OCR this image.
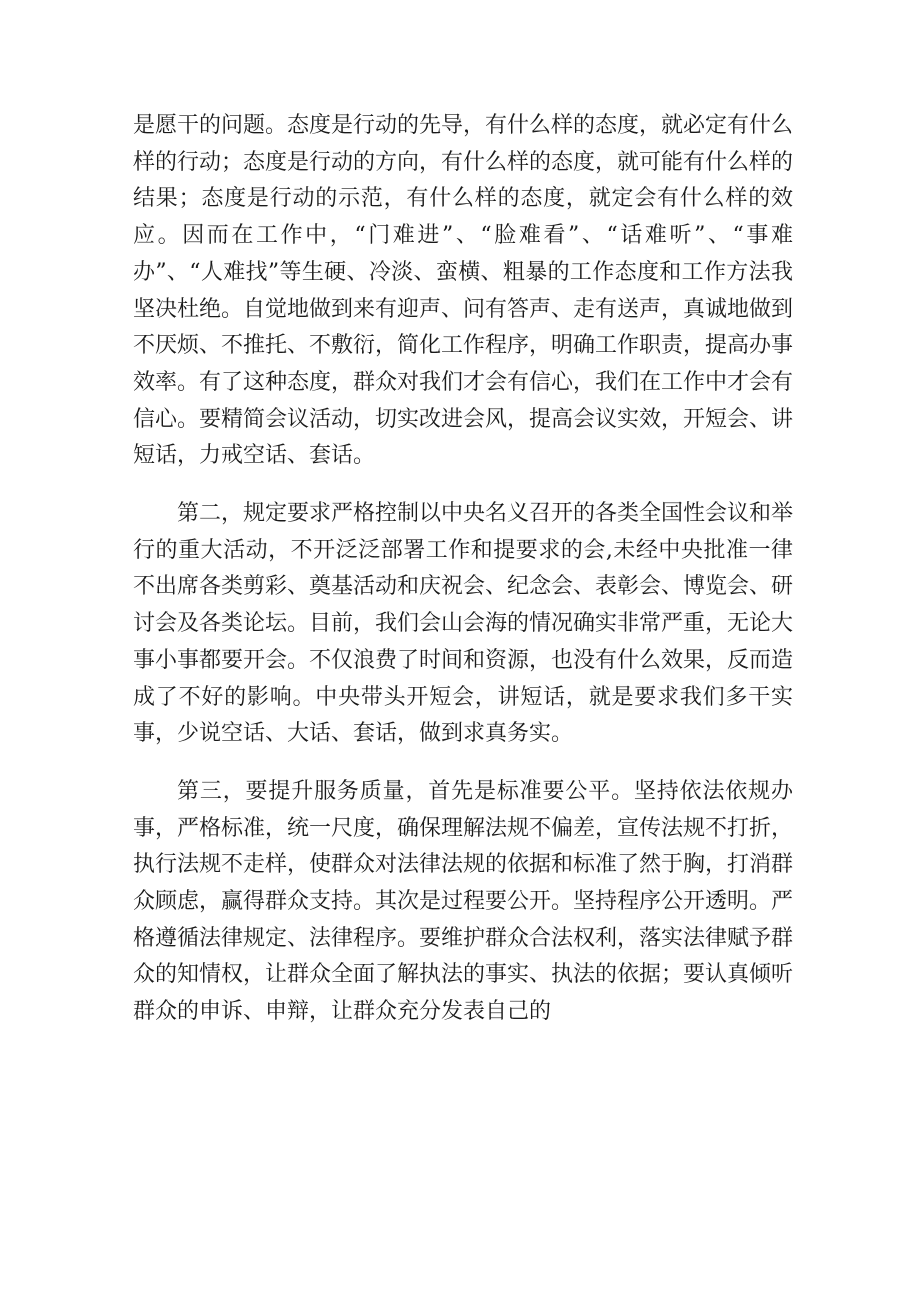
是愿干的问题。态度是行动的先导，有什么样的态度，就必定有什么样的行动；态度是行动的方向，有什么样的态度，就可能有什么样的结果；态度是行动的示范，有什么样的态度，就定会有什么样的效应。因而在工作中，“门难进”、“脸难看”、“话难听”、“事难办”、“人难找”等生硬、冷淡、蛮横、粗暴的工作态度和工作方法我坚决杜绝。自觉地做到来有迎声、问有答声、走有送声，真诚地做到不厌烦、不推托、不敷衍，简化工作程序，明确工作职责，提高办事效率。有了这种态度，群众对我们才会有信心，我们在工作中才会有信心。要精简会议活动，切实改进会风，提高会议实效，开短会、讲短话，力戒空话、套话。

第二，规定要求严格控制以中央名义召开的各类全国性会议和举行的重大活动，不开泛泛部署工作和提要求的会,未经中央批准一律不出席各类剪彩、奠基活动和庆祝会、纪念会、表彰会、博览会、研讨会及各类论坛。目前，我们会山会海的情况确实非常严重，无论大事小事都要开会。不仅浪费了时间和资源，也没有什么效果，反而造成了不好的影响。中央带头开短会，讲短话，就是要求我们多干实事，少说空话、大话、套话，做到求真务实。

第三，要提升服务质量，首先是标准要公平。坚持依法依规办事，严格标准，统一尺度，确保理解法规不偏差，宣传法规不打折，执行法规不走样，使群众对法律法规的依据和标准了然于胸，打消群众顾虑，赢得群众支持。其次是过程要公开。坚持程序公开透明。严格遵循法律规定、法律程序。要维护群众合法权利，落实法律赋予群众的知情权，让群众全面了解执法的事实、执法的依据；要认真倾听群众的申诉、申辩，让群众充分发表自己的
